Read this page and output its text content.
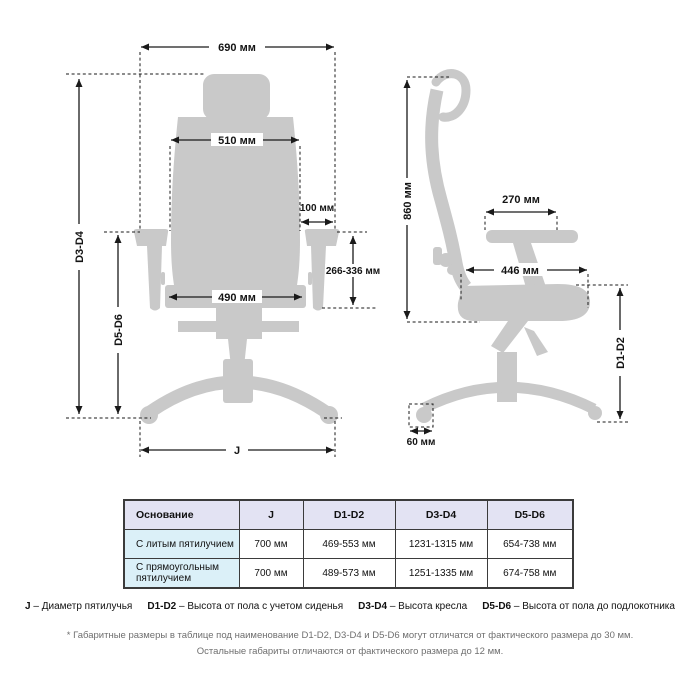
690 мм
510 мм
100 мм
490 мм
266-336 мм
D3-D4
D5-D6
J
860 мм	270 мм
446 мм
D1-D2
60 мм
Основание	J	D1-D2	D3-D4	D5-D6
С литым пятилучием	700 мм	469-553 мм	1231-1315 мм	654-738 мм
С прямоугольным пятилучием	700 мм	489-573 мм	1251-1335 мм	674-758 мм
J – Диаметр пятилучья D1-D2 – Высота от пола с учетом сиденья D3-D4 – Высота кресла D5-D6 – Высота от пола до подлокотника
* Габаритные размеры в таблице под наименование D1-D2, D3-D4 и D5-D6 могут отличатся от фактического размера до 30 мм.
Остальные габариты отличаются от фактического размера до 12 мм.
